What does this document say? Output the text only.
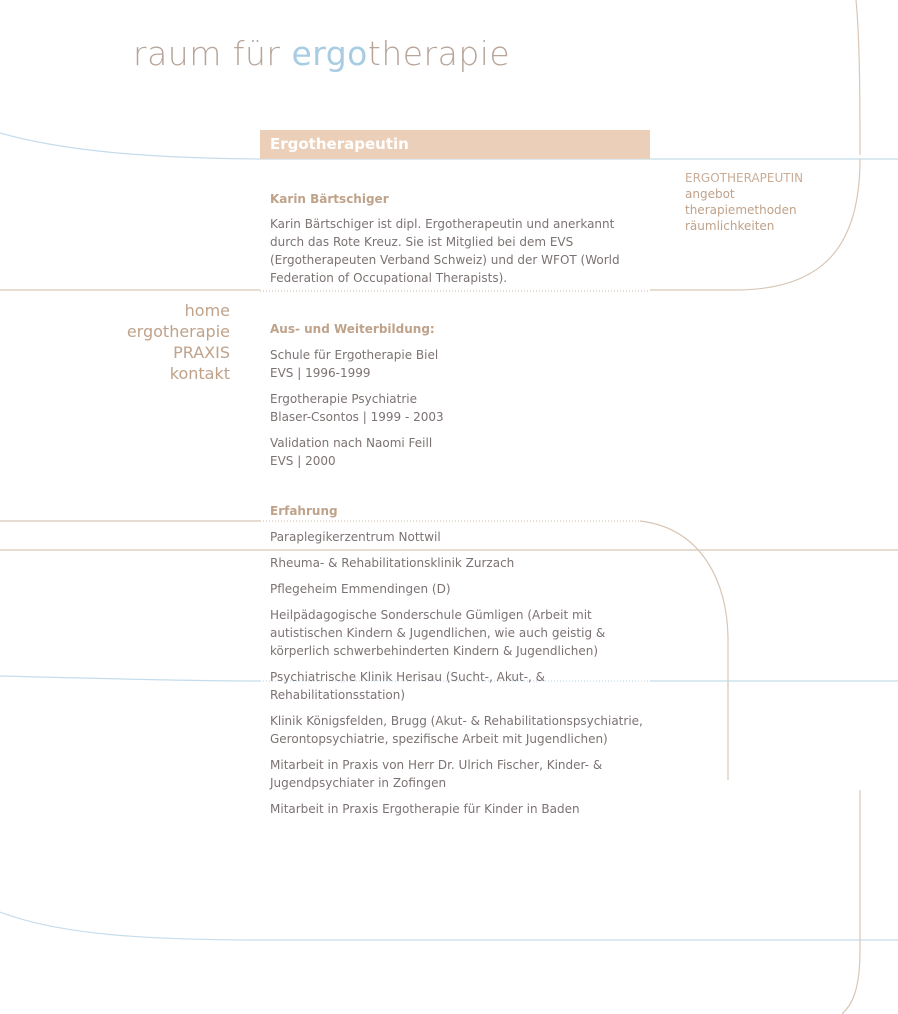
raum für ergotherapie
Ergotherapeutin
home
ergotherapie
PRAXIS
kontakt
ERGOTHERAPEUTIN
angebot
therapiemethoden
räumlichkeiten
Karin Bärtschiger

Karin Bärtschiger ist dipl. Ergotherapeutin und anerkannt durch das Rote Kreuz. Sie ist Mitglied bei dem EVS (Ergotherapeuten Verband Schweiz) und der WFOT (World Federation of Occupational Therapists).

Aus- und Weiterbildung:

Schule für Ergotherapie Biel

EVS | 1996-1999

Ergotherapie Psychiatrie

Blaser-Csontos | 1999 - 2003

Validation nach Naomi Feill

EVS | 2000

Erfahrung

Paraplegikerzentrum Nottwil

Rheuma- & Rehabilitationsklinik Zurzach

Pflegeheim Emmendingen (D)

Heilpädagogische Sonderschule Gümligen (Arbeit mit autistischen Kindern & Jugendlichen, wie auch geistig & körperlich schwerbehinderten Kindern & Jugendlichen)

Psychiatrische Klinik Herisau (Sucht-, Akut-, & Rehabilitationsstation)

Klinik Königsfelden, Brugg (Akut- & Rehabilitationspsychiatrie, Gerontopsychiatrie, spezifische Arbeit mit Jugendlichen)

Mitarbeit in Praxis von Herr Dr. Ulrich Fischer, Kinder- & Jugendpsychiater in Zofingen

Mitarbeit in Praxis Ergotherapie für Kinder in Baden
